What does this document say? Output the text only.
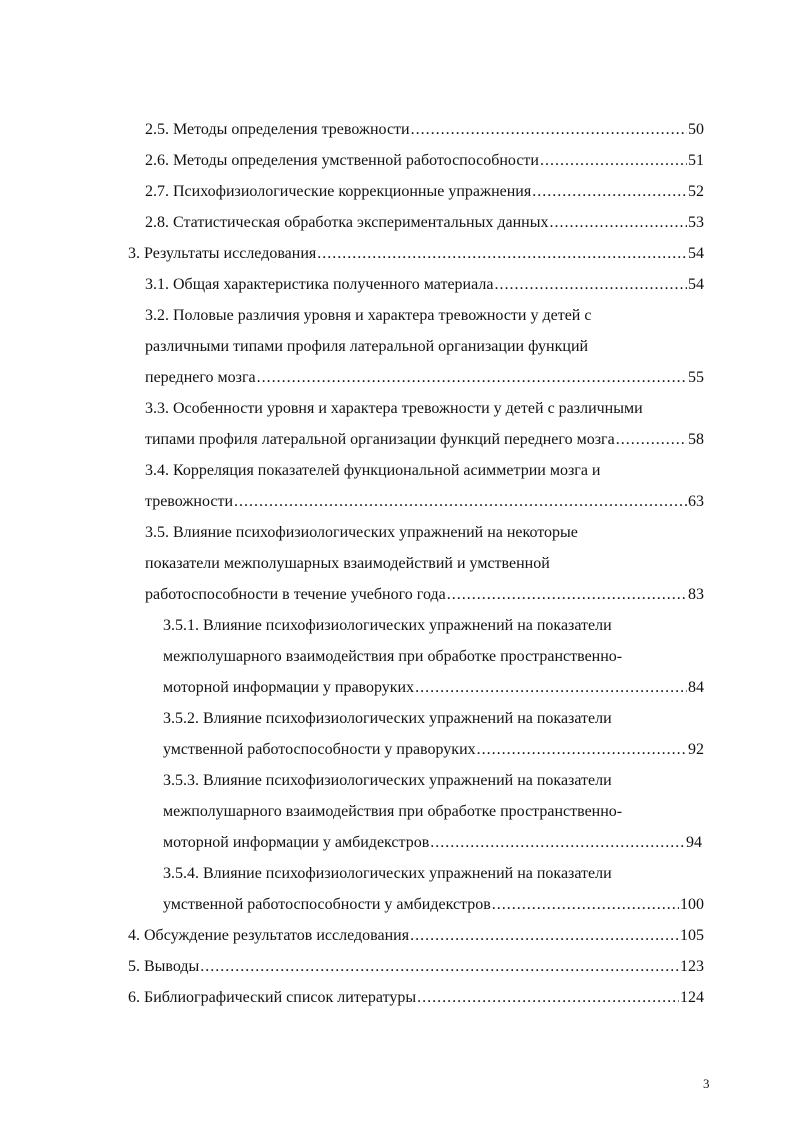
2.5. Методы определения тревожности .....	50
2.6. Методы определения умственной работоспособности .....	51
2.7. Психофизиологические коррекционные упражнения .....	52
2.8. Статистическая обработка экспериментальных данных .....	53
3. Результаты исследования .....	54
3.1. Общая характеристика полученного материала .....	54
3.2. Половые различия уровня и характера тревожности у детей с
различными типами профиля латеральной организации функций
переднего мозга .....	55
3.3. Особенности уровня и характера тревожности у детей с различными
типами профиля латеральной организации функций переднего мозга .....	58
3.4. Корреляция показателей функциональной асимметрии мозга и
тревожности .....	63
3.5. Влияние психофизиологических упражнений на некоторые
показатели межполушарных взаимодействий и умственной
работоспособности в течение учебного года .....	83
3.5.1. Влияние психофизиологических упражнений на показатели
межполушарного взаимодействия при обработке пространственно-
моторной информации у праворуких .....	84
3.5.2. Влияние психофизиологических упражнений на показатели
умственной работоспособности у праворуких .....	92
3.5.3. Влияние психофизиологических упражнений на показатели
межполушарного взаимодействия при обработке пространственно-
моторной информации у амбидекстров .....	94
3.5.4. Влияние психофизиологических упражнений на показатели
умственной работоспособности у амбидекстров .....	100
4. Обсуждение результатов исследования .....	105
5. Выводы .....	123
6. Библиографический список литературы .....	124
3
